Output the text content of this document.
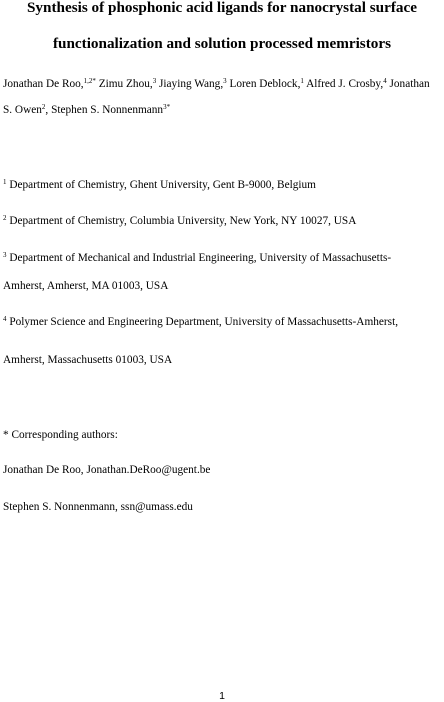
Synthesis of phosphonic acid ligands for nanocrystal surface
functionalization and solution processed memristors
Jonathan De Roo,$^{1,2*}$ Zimu Zhou,$^3$ Jiaying Wang,$^3$ Loren Deblock,$^1$ Alfred J. Crosby,$^4$ Jonathan
S. Owen$^2$, Stephen S. Nonnenmann$^{3*}$
$^1$ Department of Chemistry, Ghent University, Gent B-9000, Belgium
$^2$ Department of Chemistry, Columbia University, New York, NY 10027, USA
$^3$ Department of Mechanical and Industrial Engineering, University of Massachusetts-
Amherst, Amherst, MA 01003, USA
$^4$ Polymer Science and Engineering Department, University of Massachusetts-Amherst,
Amherst, Massachusetts 01003, USA
* Corresponding authors:
Jonathan De Roo, Jonathan.DeRoo@ugent.be
Stephen S. Nonnenmann, ssn@umass.edu
1
